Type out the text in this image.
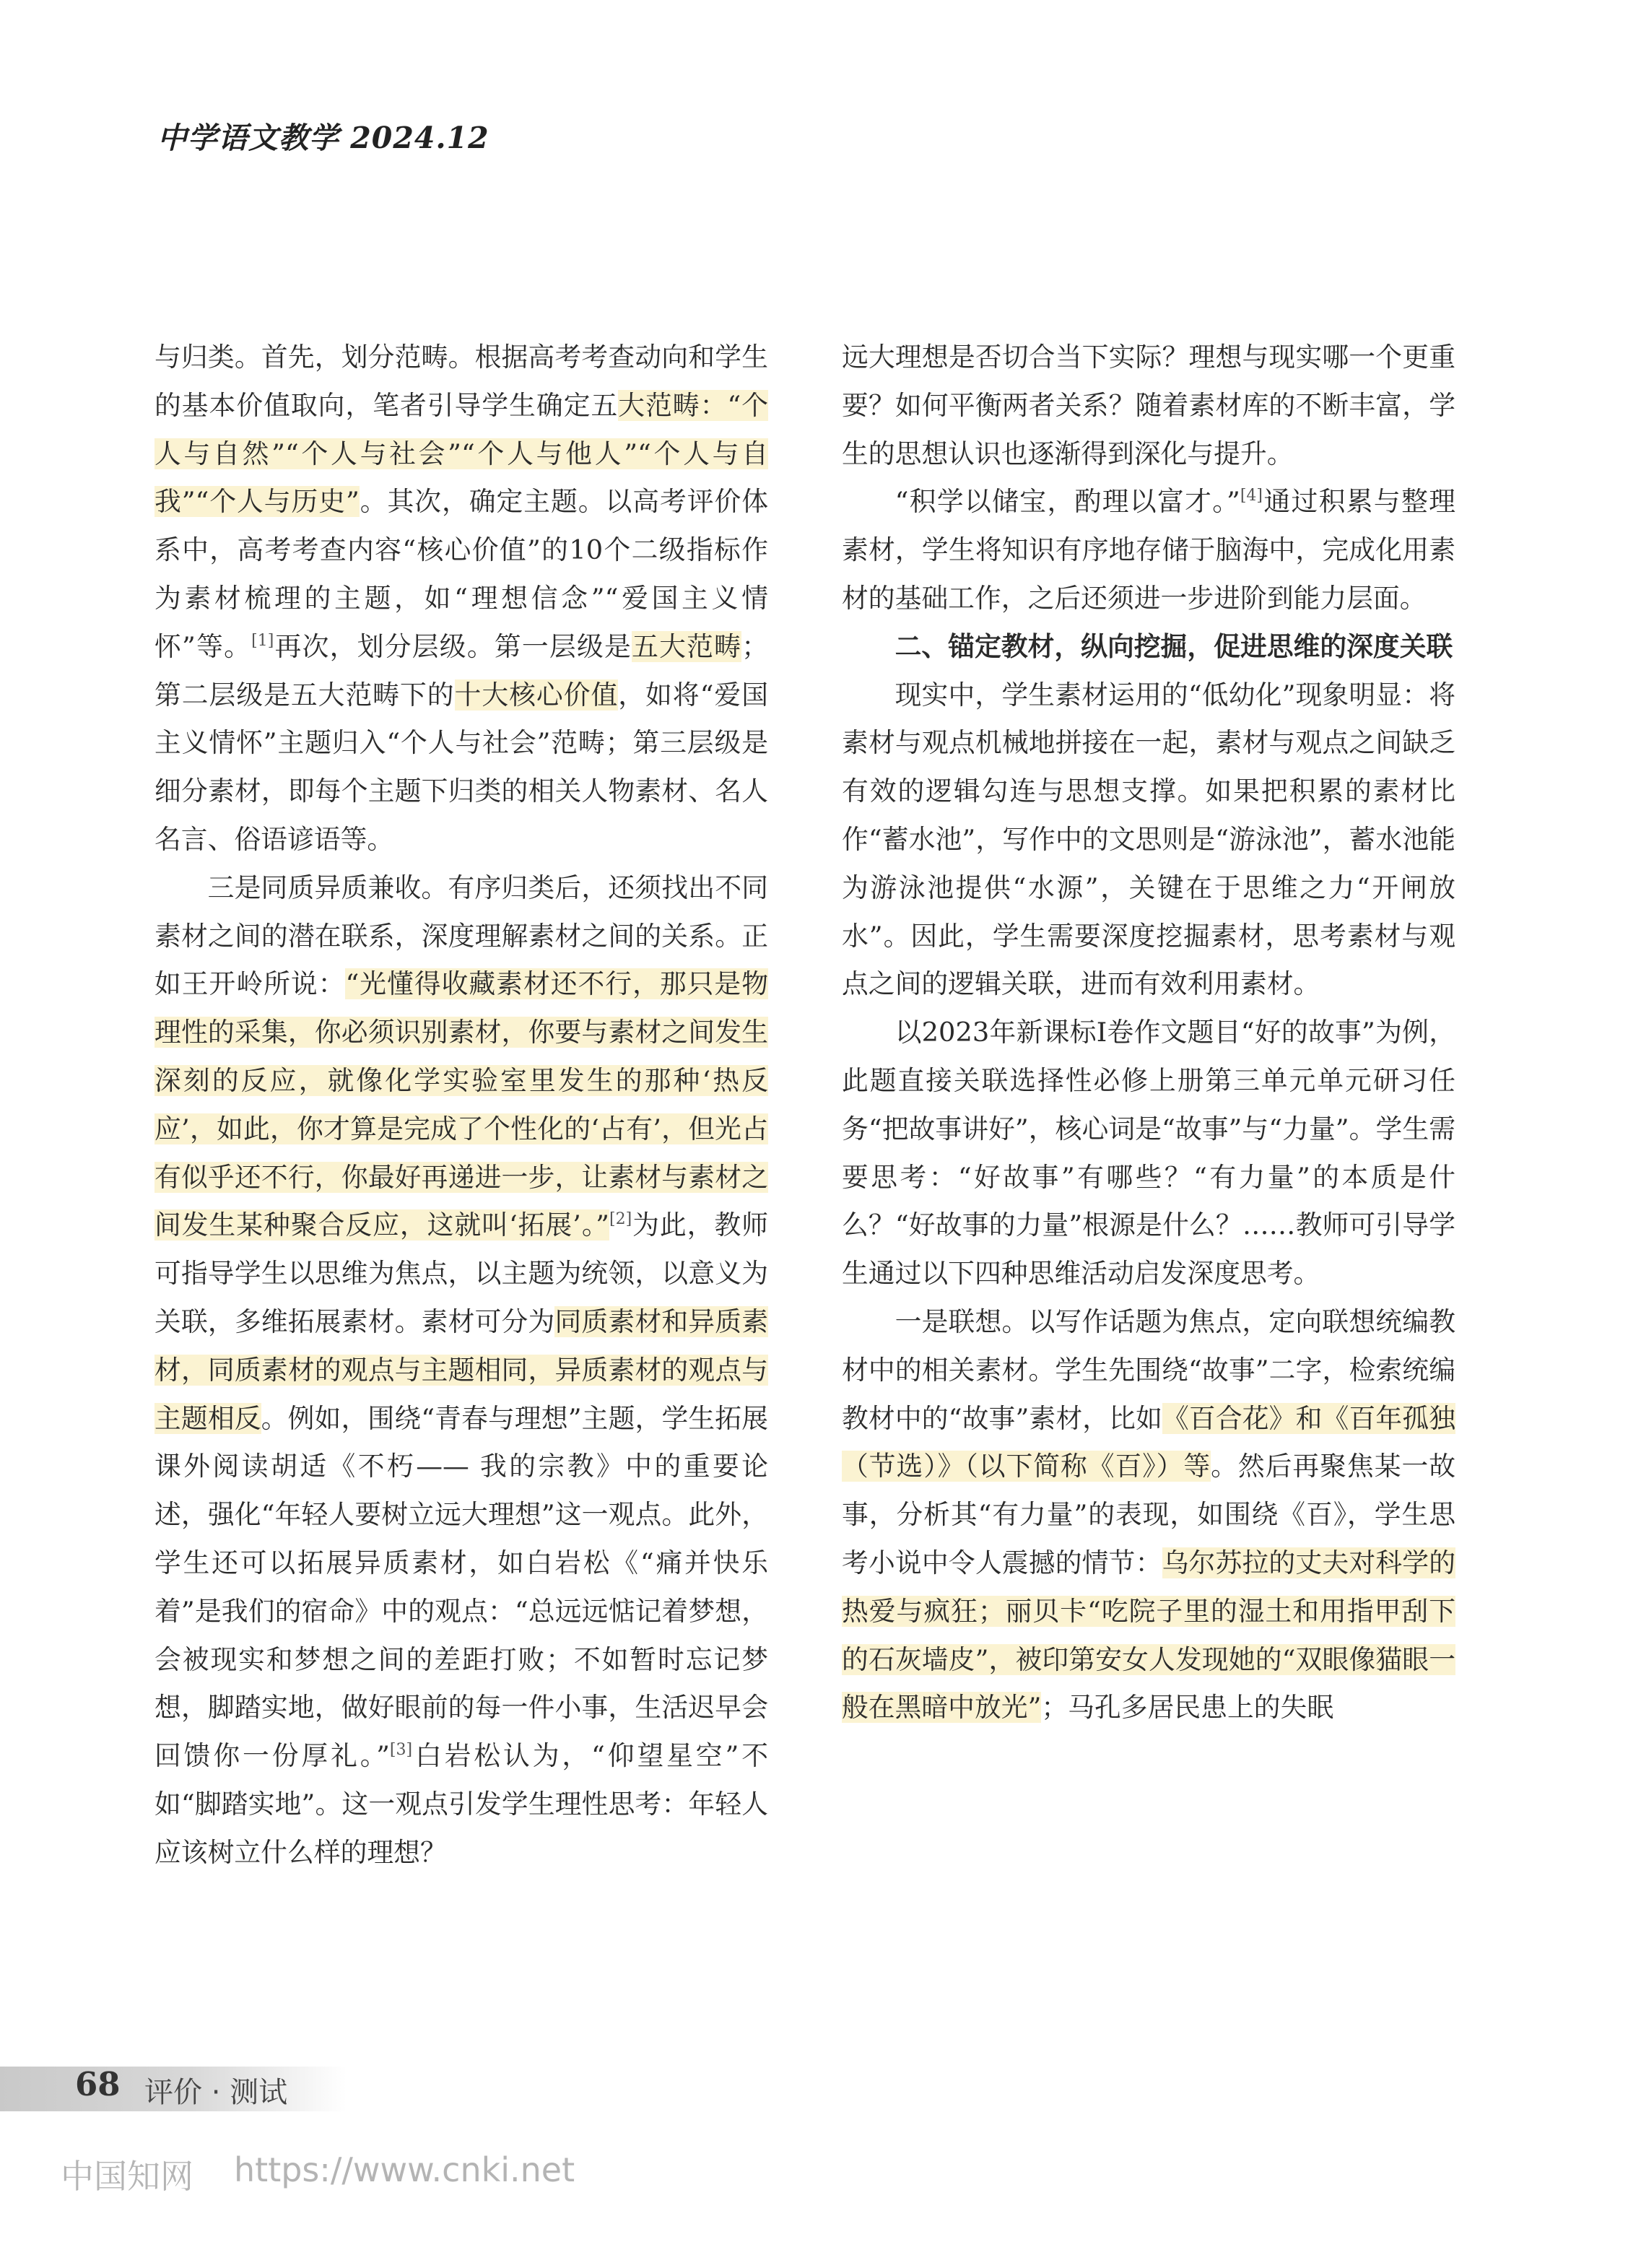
中学语文教学 2024.12

与归类。首先，划分范畴。根据高考考查动向和学生的基本价值取向，笔者引导学生确定五大范畴：“个人与自然”“个人与社会”“个人与他人”“个人与自我”“个人与历史”。其次，确定主题。以高考评价体系中，高考考查内容“核心价值”的10个二级指标作为素材梳理的主题，如“理想信念”“爱国主义情怀”等。[1]再次，划分层级。第一层级是五大范畴；第二层级是五大范畴下的十大核心价值，如将“爱国主义情怀”主题归入“个人与社会”范畴；第三层级是细分素材，即每个主题下归类的相关人物素材、名人名言、俗语谚语等。

三是同质异质兼收。有序归类后，还须找出不同素材之间的潜在联系，深度理解素材之间的关系。正如王开岭所说：“光懂得收藏素材还不行，那只是物理性的采集，你必须识别素材，你要与素材之间发生深刻的反应，就像化学实验室里发生的那种‘热反应’，如此，你才算是完成了个性化的‘占有’，但光占有似乎还不行，你最好再递进一步，让素材与素材之间发生某种聚合反应，这就叫‘拓展’。”[2]为此，教师可指导学生以思维为焦点，以主题为统领，以意义为关联，多维拓展素材。素材可分为同质素材和异质素材，同质素材的观点与主题相同，异质素材的观点与主题相反。例如，围绕“青春与理想”主题，学生拓展课外阅读胡适《不朽—— 我的宗教》中的重要论述，强化“年轻人要树立远大理想”这一观点。此外，学生还可以拓展异质素材，如白岩松《“痛并快乐着”是我们的宿命》中的观点：“总远远惦记着梦想，会被现实和梦想之间的差距打败；不如暂时忘记梦想，脚踏实地，做好眼前的每一件小事，生活迟早会回馈你一份厚礼。”[3]白岩松认为，“仰望星空”不如“脚踏实地”。这一观点引发学生理性思考：年轻人应该树立什么样的理想？

远大理想是否切合当下实际？理想与现实哪一个更重要？如何平衡两者关系？随着素材库的不断丰富，学生的思想认识也逐渐得到深化与提升。

“积学以储宝，酌理以富才。”[4]通过积累与整理素材，学生将知识有序地存储于脑海中，完成化用素材的基础工作，之后还须进一步进阶到能力层面。

二、锚定教材，纵向挖掘，促进思维的深度关联

现实中，学生素材运用的“低幼化”现象明显：将素材与观点机械地拼接在一起，素材与观点之间缺乏有效的逻辑勾连与思想支撑。如果把积累的素材比作“蓄水池”，写作中的文思则是“游泳池”，蓄水池能为游泳池提供“水源”，关键在于思维之力“开闸放水”。因此，学生需要深度挖掘素材，思考素材与观点之间的逻辑关联，进而有效利用素材。

以2023年新课标Ⅰ卷作文题目“好的故事”为例，此题直接关联选择性必修上册第三单元单元研习任务“把故事讲好”，核心词是“故事”与“力量”。学生需要思考：“好故事”有哪些？“有力量”的本质是什么？“好故事的力量”根源是什么？……教师可引导学生通过以下四种思维活动启发深度思考。

一是联想。以写作话题为焦点，定向联想统编教材中的相关素材。学生先围绕“故事”二字，检索统编教材中的“故事”素材，比如《百合花》和《百年孤独（节选）》（以下简称《百》）等。然后再聚焦某一故事，分析其“有力量”的表现，如围绕《百》，学生思考小说中令人震撼的情节：乌尔苏拉的丈夫对科学的热爱与疯狂；丽贝卡“吃院子里的湿土和用指甲刮下的石灰墙皮”，被印第安女人发现她的“双眼像猫眼一般在黑暗中放光”；马孔多居民患上的失眠

68 评价 · 测试
中国知网 https://www.cnki.net
